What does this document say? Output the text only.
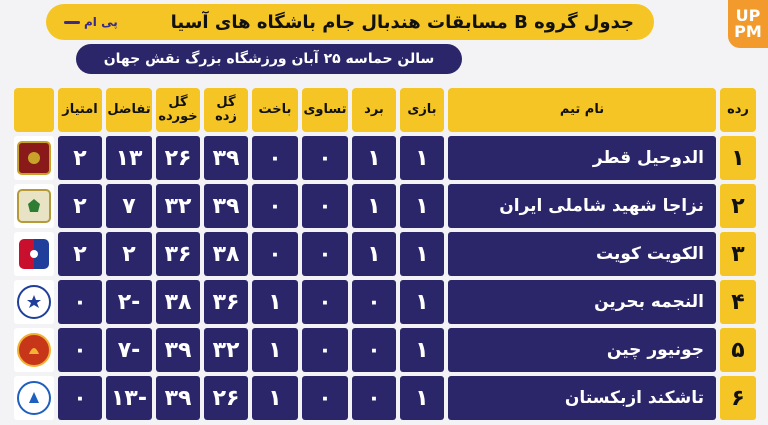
UP
PM
پی ام	جدول گروه B مسابقات هندبال جام باشگاه های آسیا
سالن حماسه ۲۵ آبان ورزشگاه بزرگ نقش جهان
رده	نام تیم	بازی	برد	تساوی	باخت	گل زده	گل خورده	تفاضل	امتیاز	
۱	الدوحیل قطر	۱	۱	۰	۰	۳۹	۲۶	۱۳	۲	

۲	نزاجا شهید شاملی ایران	۱	۱	۰	۰	۳۹	۳۲	۷	۲	

۳	الکویت کویت	۱	۱	۰	۰	۳۸	۳۶	۲	۲	

۴	النجمه بحرین	۱	۰	۰	۱	۳۶	۳۸	-۲	۰	

۵	جونیور چین	۱	۰	۰	۱	۳۲	۳۹	-۷	۰	

۶	تاشکند ازبکستان	۱	۰	۰	۱	۲۶	۳۹	-۱۳	۰	
